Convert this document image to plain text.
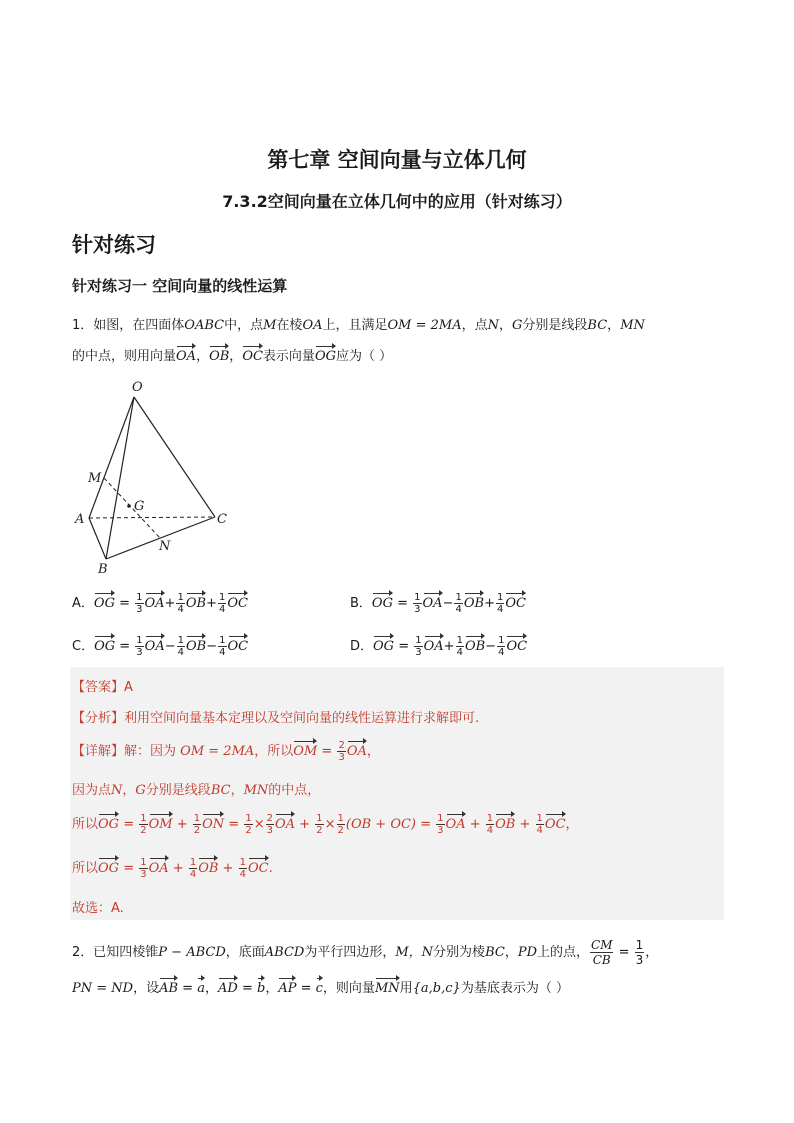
第七章 空间向量与立体几何
7.3.2空间向量在立体几何中的应用（针对练习）
针对练习
针对练习一 空间向量的线性运算
1．如图，在四面体OABC中，点M在棱OA上，且满足OM = 2MA，点N，G分别是线段BC，MN
的中点，则用向量OA，OB，OC表示向量OG应为（ ）
O
M
G
A	C
N
B
A．OG = $\frac{1}{3} OA+ \frac{1}{4} OB+ \frac{1}{4}$ OC	B．OG = $\frac{1}{3} OA- \frac{1}{4} OB+ \frac{1}{4}$ OC
C．OG = $\frac{1}{3} OA- \frac{1}{4} OB- \frac{1}{4}$ OC	D．OG = $\frac{1}{3} OA+ \frac{1}{4} OB- \frac{1}{4}$ OC
【答案】A
【分析】利用空间向量基本定理以及空间向量的线性运算进行求解即可.
【详解】解：因为 OM = 2MA，所以OM = $\frac{2}{3}$ OA，
因为点N，G分别是线段BC，MN的中点，
所以OG = $\frac{1}{2}$ OM + $\frac{1}{2}$ ON = $\frac{1}{2} \times \frac{2}{3}$ OA + $\frac{1}{2} \times \frac{1}{2} (OB + OC) = \frac{1}{3}$ OA + $\frac{1}{4}$ OB + $\frac{1}{4}$ OC，
所以OG = $\frac{1}{3}$ OA + $\frac{1}{4}$ OB + $\frac{1}{4}$ OC.
故选：A.
2．已知四棱锥P − ABCD，底面ABCD为平行四边形，M，N分别为棱BC，PD上的点， $\frac{CM}{CB} = \frac{1}{3}$ ，
PN = ND，设AB = a，AD = b，AP = c，则向量MN用{a,b,c}为基底表示为（ ）
